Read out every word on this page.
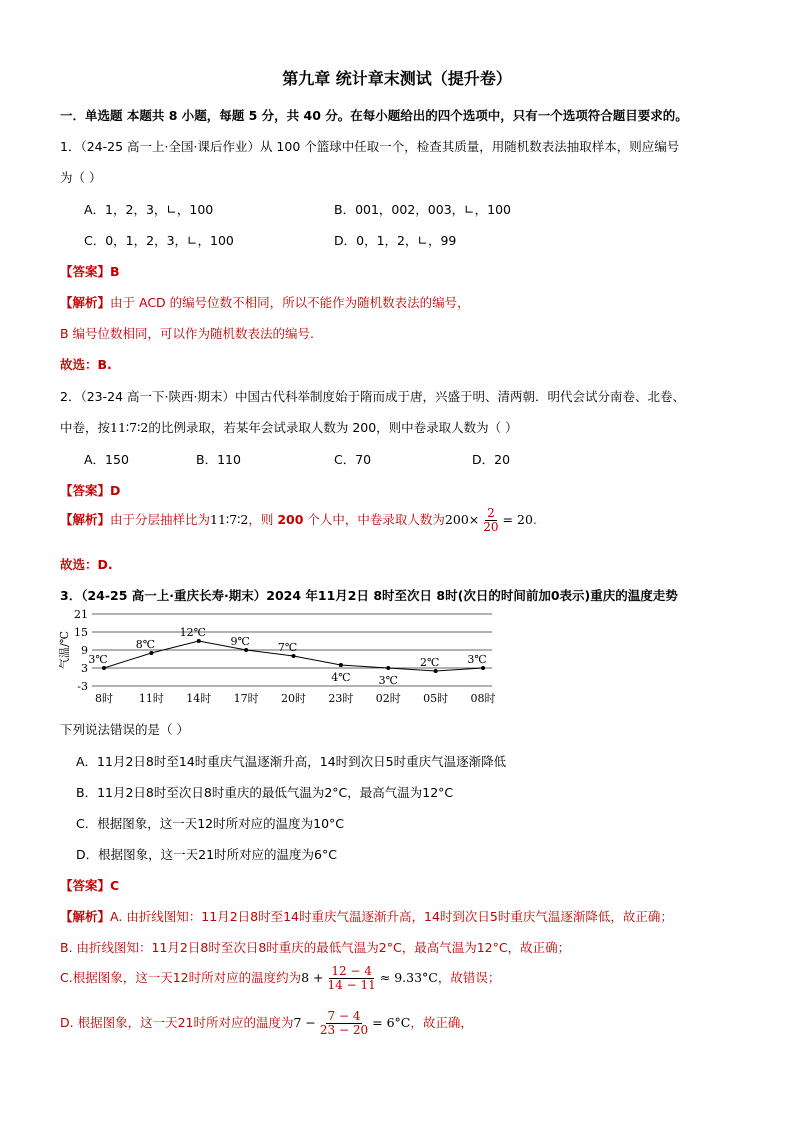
第九章 统计章末测试（提升卷）
一．单选题 本题共 8 小题，每题 5 分，共 40 分。在每小题给出的四个选项中，只有一个选项符合题目要求的。
1．（24-25 高一上·全国·课后作业）从 100 个篮球中任取一个，检查其质量，用随机数表法抽取样本，则应编号
为（ ）
A．1，2，3，∟，100	B．001，002，003，∟，100
C．0，1，2，3，∟，100	D．0，1，2，∟，99
【答案】B
【解析】由于 ACD 的编号位数不相同，所以不能作为随机数表法的编号，
B 编号位数相同，可以作为随机数表法的编号.
故选：B.
2．（23-24 高一下·陕西·期末）中国古代科举制度始于隋而成于唐，兴盛于明、清两朝．明代会试分南卷、北卷、
中卷，按11∶7∶2的比例录取，若某年会试录取人数为 200，则中卷录取人数为（ ）
A．150	B．110	C．70	D．20
【答案】D
【解析】由于分层抽样比为11∶7∶2，则 200 个人中，中卷录取人数为$200\times \frac{2}{20} = 20$.
故选：D.
3．（24-25 高一上·重庆长寿·期末）2024 年11月2日 8时至次日 8时(次日的时间前加0表示)重庆的温度走势
21
15
9
3
-3
气温/℃ 3℃
8时
8℃
11时
12℃
14时
9℃
17时
7℃
20时
4℃
23时
3℃
02时
2℃
05时
3℃
08时
下列说法错误的是（ ）
A．11月2日8时至14时重庆气温逐渐升高，14时到次日5时重庆气温逐渐降低
B．11月2日8时至次日8时重庆的最低气温为2°C，最高气温为12°C
C．根据图象，这一天12时所对应的温度为10°C
D．根据图象，这一天21时所对应的温度为6°C
【答案】C
【解析】A. 由折线图知：11月2日8时至14时重庆气温逐渐升高，14时到次日5时重庆气温逐渐降低，故正确；
B. 由折线图知：11月2日8时至次日8时重庆的最低气温为2°C，最高气温为12°C，故正确；
C.根据图象，这一天12时所对应的温度约为$8 + \frac{12 - 4}{14 - 11} \approx 9.33^\circ C$，故错误；
D. 根据图象，这一天21时所对应的温度为$7 - \frac{7 - 4}{23 - 20} = 6^\circ C$，故正确，
